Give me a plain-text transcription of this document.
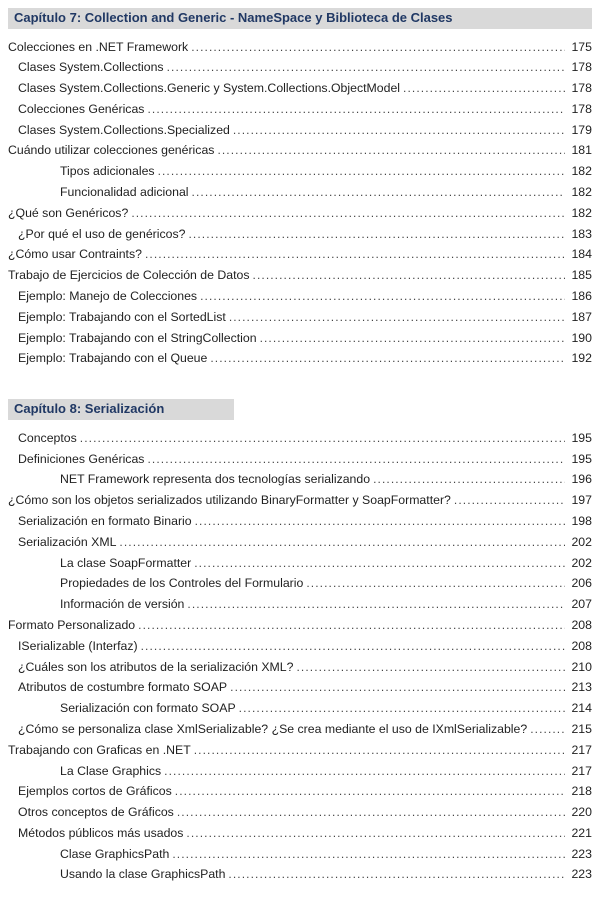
Capítulo 7: Collection and Generic - NameSpace y Biblioteca de Clases
Colecciones en .NET Framework .....	175
Clases System.Collections .....	178
Clases System.Collections.Generic y System.Collections.ObjectModel .....	178
Colecciones Genéricas .....	178
Clases System.Collections.Specialized .....	179
Cuándo utilizar colecciones genéricas .....	181
Tipos adicionales .....	182
Funcionalidad adicional .....	182
¿Qué son Genéricos? .....	182
¿Por qué el uso de genéricos? .....	183
¿Cómo usar Contraints? .....	184
Trabajo de Ejercicios de Colección de Datos .....	185
Ejemplo: Manejo de Colecciones .....	186
Ejemplo: Trabajando con el SortedList .....	187
Ejemplo: Trabajando con el StringCollection .....	190
Ejemplo: Trabajando con el Queue .....	192
Capítulo 8: Serialización
Conceptos .....	195
Definiciones Genéricas .....	195
NET Framework representa dos tecnologías serializando .....	196
¿Cómo son los objetos serializados utilizando BinaryFormatter y SoapFormatter? .....	197
Serialización en formato Binario .....	198
Serialización XML .....	202
La clase SoapFormatter .....	202
Propiedades de los Controles del Formulario .....	206
Información de versión .....	207
Formato Personalizado .....	208
ISerializable (Interfaz) .....	208
¿Cuáles son los atributos de la serialización XML? .....	210
Atributos de costumbre formato SOAP .....	213
Serialización con formato SOAP .....	214
¿Cómo se personaliza clase XmlSerializable? ¿Se crea mediante el uso de IXmlSerializable? .....	215
Trabajando con Graficas en .NET .....	217
La Clase Graphics .....	217
Ejemplos cortos de Gráficos .....	218
Otros conceptos de Gráficos .....	220
Métodos públicos más usados .....	221
Clase GraphicsPath .....	223
Usando la clase GraphicsPath .....	223
